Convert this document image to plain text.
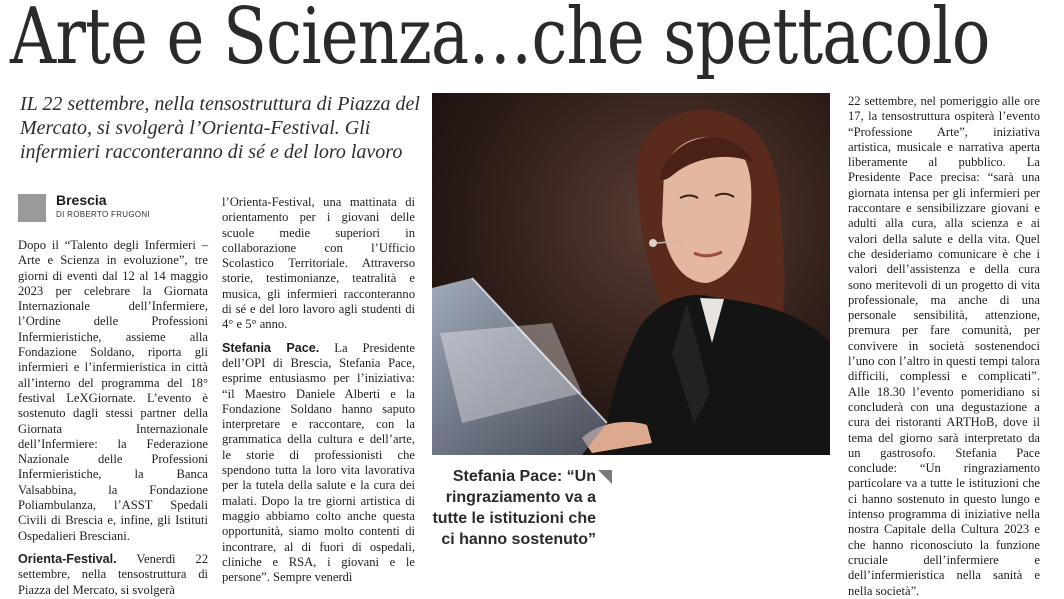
Arte e Scienza…che spettacolo
IL 22 settembre, nella tensostruttura di Piazza del Mercato, si svolgerà l’Orienta-Festival. Gli infermieri racconteranno di sé e del loro lavoro
Brescia
DI ROBERTO FRUGONI

Dopo il “Talento degli Infermieri – Arte e Scienza in evoluzione”, tre giorni di eventi dal 12 al 14 maggio 2023 per celebrare la Giornata Internazionale dell’Infermiere, l’Ordine delle Professioni Infermieristiche, assieme alla Fondazione Soldano, riporta gli infermieri e l’infermieristica in città all’interno del programma del 18° festival LeXGiornate. L’evento è sostenuto dagli stessi partner della Giornata Internazionale dell’Infermiere: la Federazione Nazionale delle Professioni Infermieristiche, la Banca Valsabbina, la Fondazione Poliambulanza, l’ASST Spedali Civili di Brescia e, infine, gli Istituti Ospedalieri Bresciani.

Orienta-Festival. Venerdì 22 settembre, nella tensostruttura di Piazza del Mercato, si svolgerà

l’Orienta-Festival, una mattinata di orientamento per i giovani delle scuole medie superiori in collaborazione con l’Ufficio Scolastico Territoriale. Attraverso storie, testimonianze, teatralità e musica, gli infermieri racconteranno di sé e del loro lavoro agli studenti di 4° e 5° anno.

Stefania Pace. La Presidente dell’OPI di Brescia, Stefania Pace, esprime entusiasmo per l’iniziativa: “il Maestro Daniele Alberti e la Fondazione Soldano hanno saputo interpretare e raccontare, con la grammatica della cultura e dell’arte, le storie di professionisti che spendono tutta la loro vita lavorativa per la tutela della salute e la cura dei malati. Dopo la tre giorni artistica di maggio abbiamo colto anche questa opportunità, siamo molto contenti di incontrare, al di fuori di ospedali, cliniche e RSA, i giovani e le persone”. Sempre venerdì

Stefania Pace: “Un ringraziamento va a tutte le istituzioni che ci hanno sostenuto”

22 settembre, nel pomeriggio alle ore 17, la tensostruttura ospiterà l’evento “Professione Arte”, iniziativa artistica, musicale e narrativa aperta liberamente al pubblico. La Presidente Pace precisa: “sarà una giornata intensa per gli infermieri per raccontare e sensibilizzare giovani e adulti alla cura, alla scienza e ai valori della salute e della vita. Quel che desideriamo comunicare è che i valori dell’assistenza e della cura sono meritevoli di un progetto di vita professionale, ma anche di una personale sensibilità, attenzione, premura per fare comunità, per convivere in società sostenendoci l’uno con l’altro in questi tempi talora difficili, complessi e complicati”. Alle 18.30 l’evento pomeridiano si concluderà con una degustazione a cura dei ristoranti ARTHoB, dove il tema del giorno sarà interpretato da un gastrosofo. Stefania Pace conclude: “Un ringraziamento particolare va a tutte le istituzioni che ci hanno sostenuto in questo lungo e intenso programma di iniziative nella nostra Capitale della Cultura 2023 e che hanno riconosciuto la funzione cruciale dell’infermiere e dell’infermieristica nella sanità e nella società”.
